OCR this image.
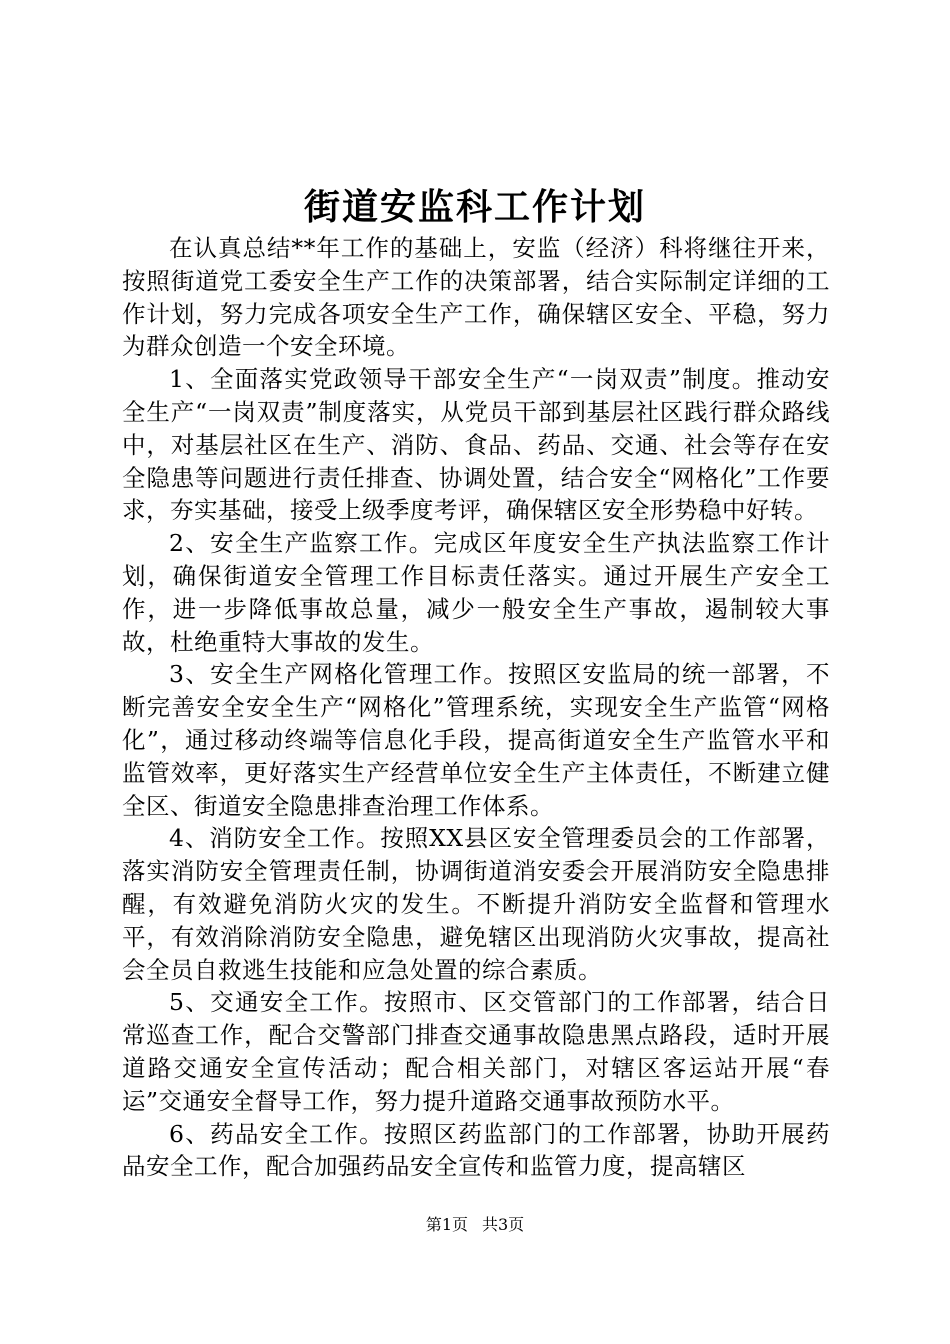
街道安监科工作计划

在认真总结**年工作的基础上，安监（经济）科将继往开来，按照街道党工委安全生产工作的决策部署，结合实际制定详细的工作计划，努力完成各项安全生产工作，确保辖区安全、平稳，努力为群众创造一个安全环境。

1、全面落实党政领导干部安全生产“一岗双责”制度。推动安全生产“一岗双责”制度落实，从党员干部到基层社区践行群众路线中，对基层社区在生产、消防、食品、药品、交通、社会等存在安全隐患等问题进行责任排查、协调处置，结合安全“网格化”工作要求，夯实基础，接受上级季度考评，确保辖区安全形势稳中好转。

2、安全生产监察工作。完成区年度安全生产执法监察工作计划，确保街道安全管理工作目标责任落实。通过开展生产安全工作，进一步降低事故总量，减少一般安全生产事故，遏制较大事故，杜绝重特大事故的发生。

3、安全生产网格化管理工作。按照区安监局的统一部署，不断完善安全安全生产“网格化”管理系统，实现安全生产监管“网格化”，通过移动终端等信息化手段，提高街道安全生产监管水平和监管效率，更好落实生产经营单位安全生产主体责任，不断建立健全区、街道安全隐患排查治理工作体系。

4、消防安全工作。按照XX县区安全管理委员会的工作部署，落实消防安全管理责任制，协调街道消安委会开展消防安全隐患排醒，有效避免消防火灾的发生。不断提升消防安全监督和管理水平，有效消除消防安全隐患，避免辖区出现消防火灾事故，提高社会全员自救逃生技能和应急处置的综合素质。

5、交通安全工作。按照市、区交管部门的工作部署，结合日常巡查工作，配合交警部门排查交通事故隐患黑点路段，适时开展道路交通安全宣传活动；配合相关部门，对辖区客运站开展“春运”交通安全督导工作，努力提升道路交通事故预防水平。

6、药品安全工作。按照区药监部门的工作部署，协助开展药品安全工作，配合加强药品安全宣传和监管力度，提高辖区

第1页 共3页
